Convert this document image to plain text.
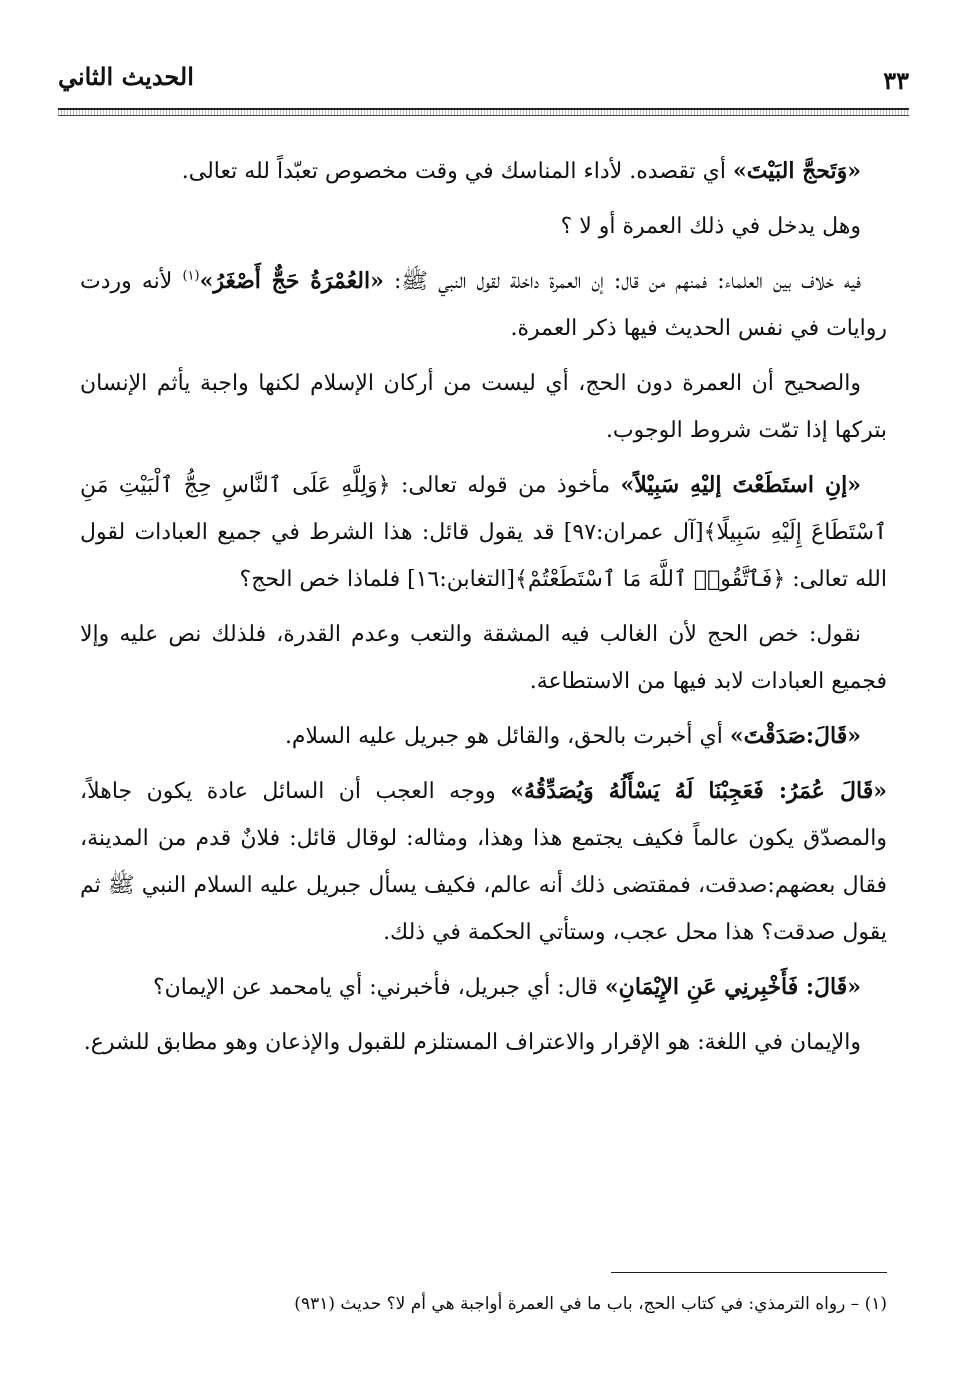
٣٣
الحديث الثاني

«وَتَحجَّ البَيْتَ» أي تقصده. لأداء المناسك في وقت مخصوص تعبّداً لله تعالى.

وهل يدخل في ذلك العمرة أو لا ؟

فيه خلاف بين العلماء: فمنهم من قال: إن العمرة داخلة لقول النبي ﷺ: «العُمْرَةُ حَجٌّ أَصْغَرُ»$^{(١)}$ لأنه وردت روايات في نفس الحديث فيها ذكر العمرة.

والصحيح أن العمرة دون الحج، أي ليست من أركان الإسلام لكنها واجبة يأثم الإنسان بتركها إذا تمّت شروط الوجوب.

«إنِ استَطَعْتَ إليْهِ سَبِيْلاً» مأخوذ من قوله تعالى: ﴿وَلِلَّهِ عَلَى ٱلنَّاسِ حِجُّ ٱلْبَيْتِ مَنِ ٱسْتَطَاعَ إِلَيْهِ سَبِيلًا﴾[آل عمران:٩٧] قد يقول قائل: هذا الشرط في جميع العبادات لقول الله تعالى: ﴿فَٱتَّقُوا۟ ٱللَّهَ مَا ٱسْتَطَعْتُمْ﴾[التغابن:١٦] فلماذا خص الحج؟

نقول: خص الحج لأن الغالب فيه المشقة والتعب وعدم القدرة، فلذلك نص عليه وإلا فجميع العبادات لابد فيها من الاستطاعة.

«قَالَ:صَدَقْتَ» أي أخبرت بالحق، والقائل هو جبريل عليه السلام.

«قَالَ عُمَرُ: فَعَجِبْنَا لَهُ يَسْأَلُهُ وَيُصَدِّقُهُ» ووجه العجب أن السائل عادة يكون جاهلاً، والمصدّق يكون عالماً فكيف يجتمع هذا وهذا، ومثاله: لوقال قائل: فلانٌ قدم من المدينة، فقال بعضهم:صدقت، فمقتضى ذلك أنه عالم، فكيف يسأل جبريل عليه السلام النبي ﷺ ثم يقول صدقت؟ هذا محل عجب، وستأتي الحكمة في ذلك.

«قَالَ: فَأَخْبِرنِي عَنِ الإِيْمَانِ» قال: أي جبريل، فأخبرني: أي يامحمد عن الإيمان؟

والإيمان في اللغة: هو الإقرار والاعتراف المستلزم للقبول والإذعان وهو مطابق للشرع.

(١) – رواه الترمذي: في كتاب الحج، باب ما في العمرة أواجبة هي أم لا؟ حديث (٩٣١)
